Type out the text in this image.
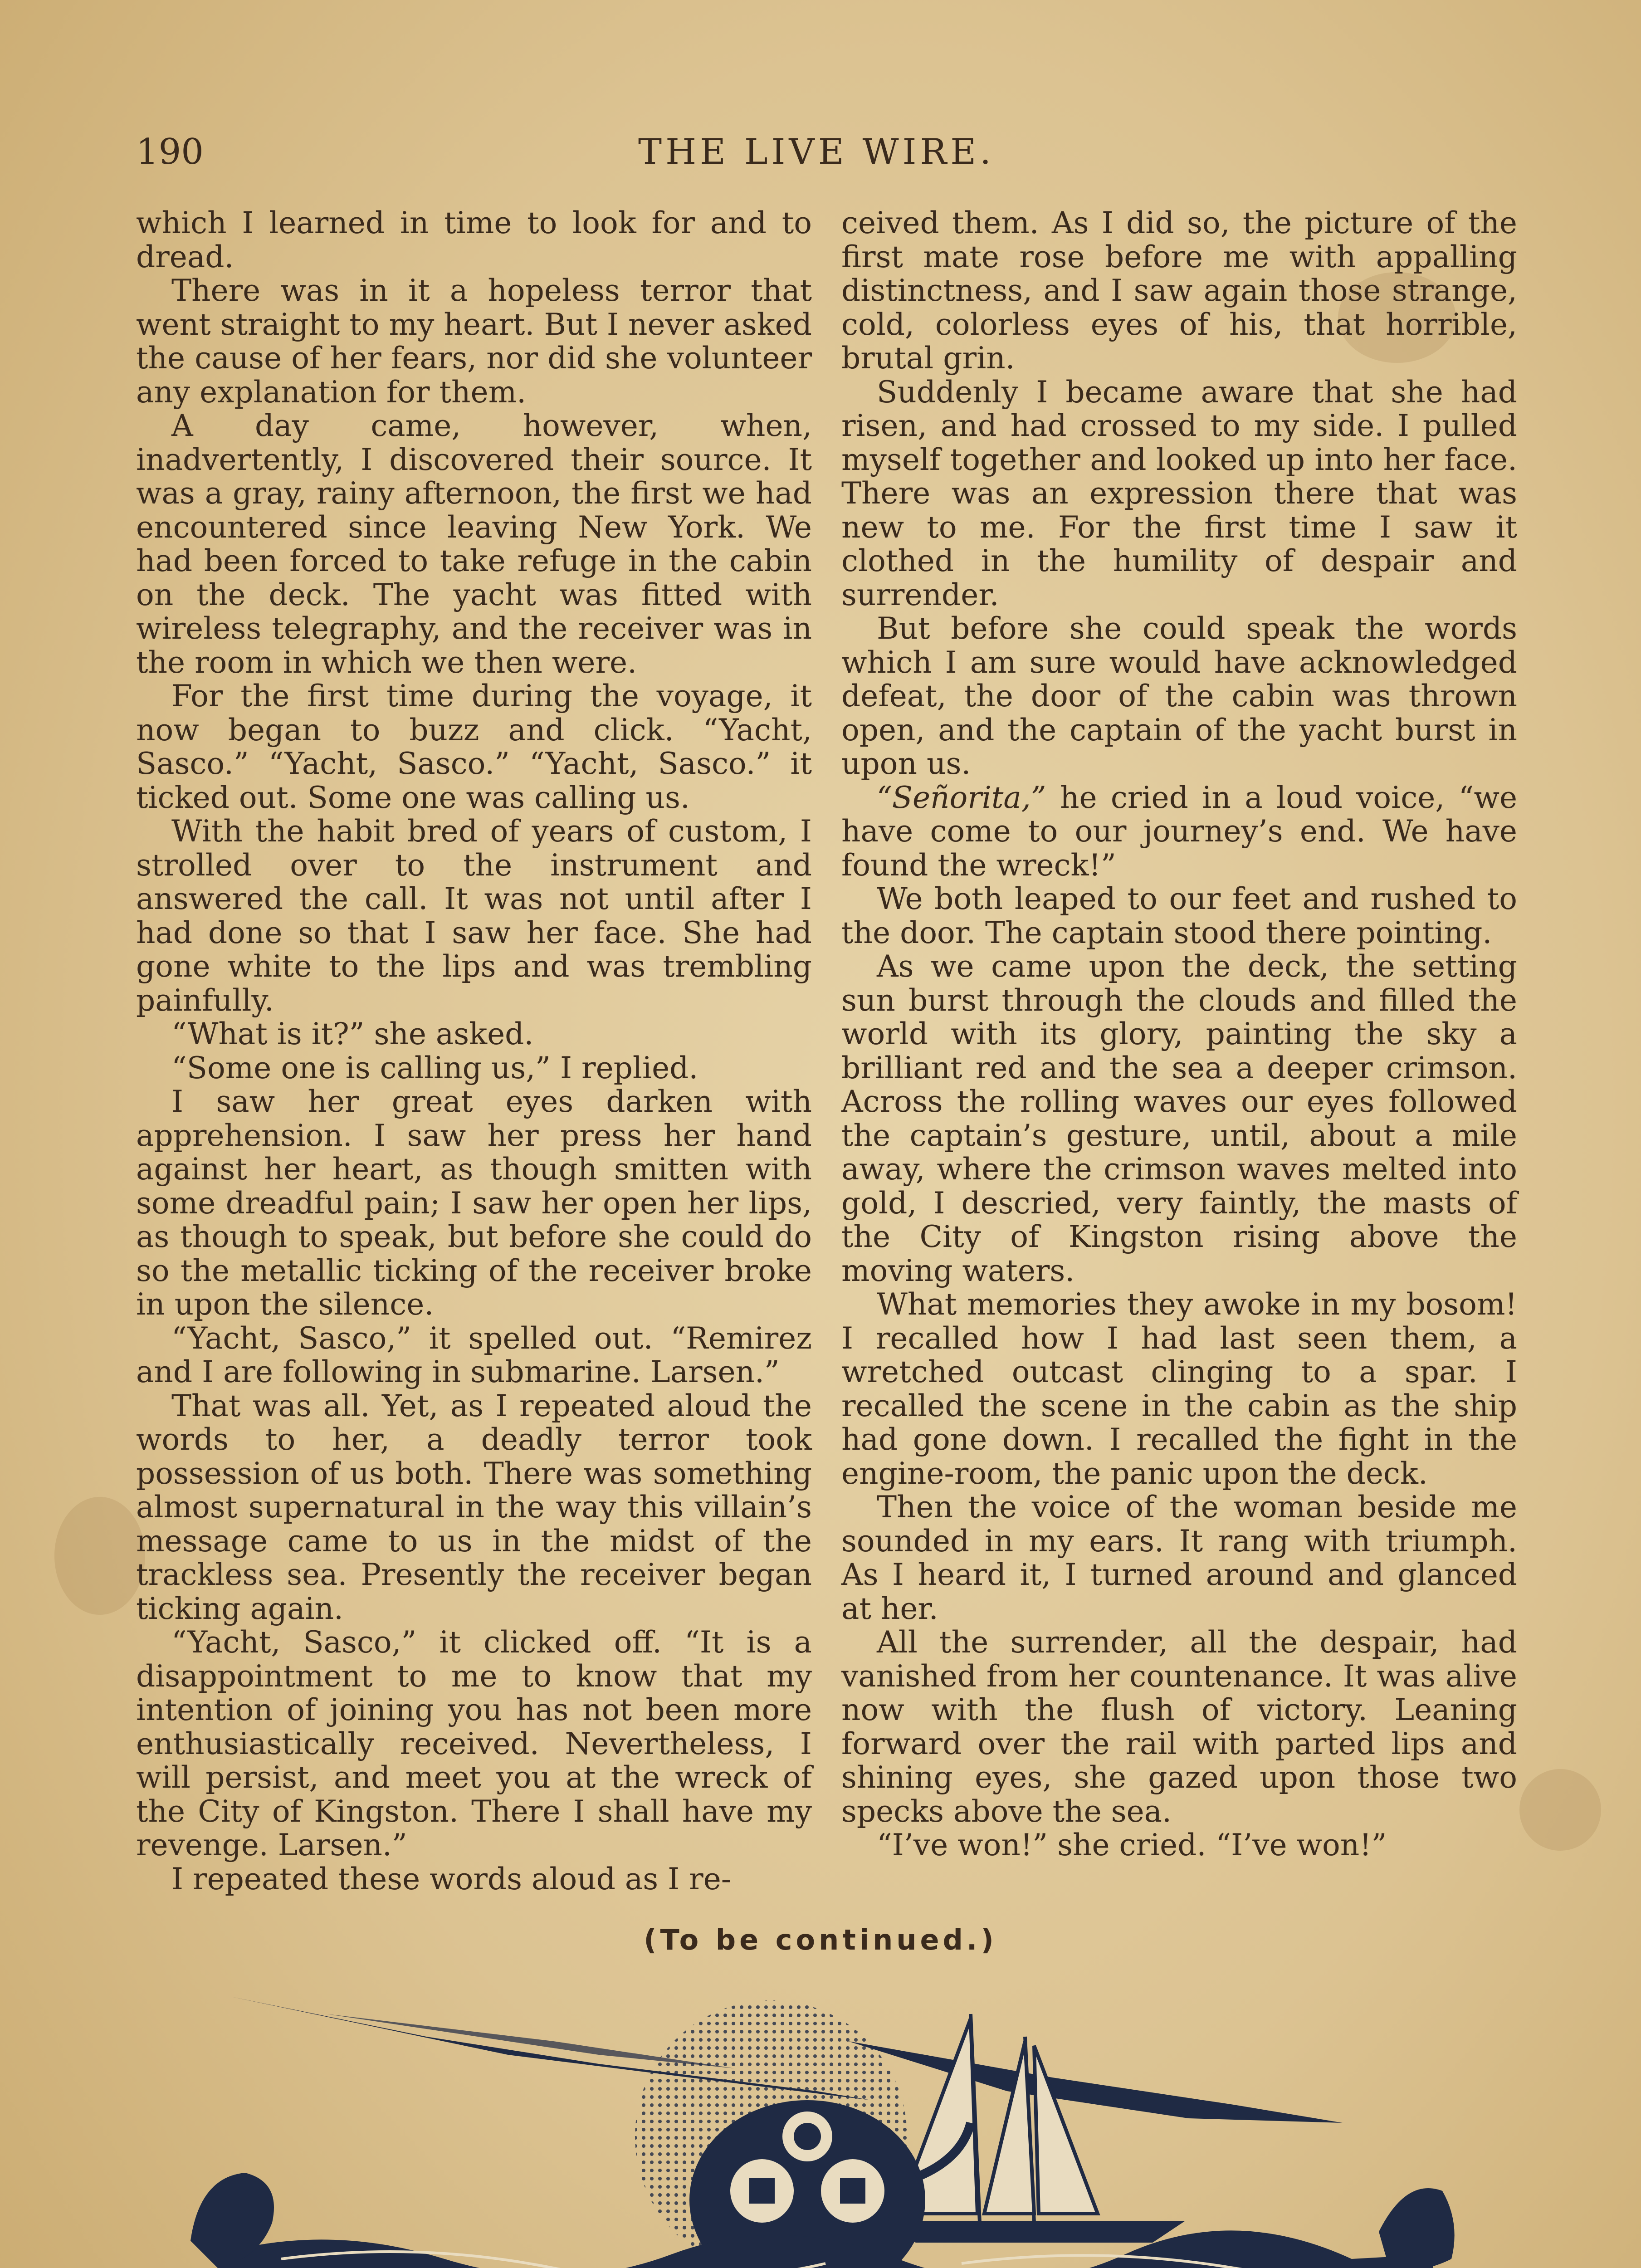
190	THE LIVE WIRE.

which I learned in time to look for and to dread.

There was in it a hopeless terror that went straight to my heart. But I never asked the cause of her fears, nor did she volunteer any explanation for them.

A day came, however, when, inadvertently, I discovered their source. It was a gray, rainy afternoon, the first we had encountered since leaving New York. We had been forced to take refuge in the cabin on the deck. The yacht was fitted with wireless telegraphy, and the receiver was in the room in which we then were.

For the first time during the voyage, it now began to buzz and click. “Yacht, Sasco.” “Yacht, Sasco.” “Yacht, Sasco.” it ticked out. Some one was calling us.

With the habit bred of years of custom, I strolled over to the instrument and answered the call. It was not until after I had done so that I saw her face. She had gone white to the lips and was trembling painfully.

“What is it?” she asked.

“Some one is calling us,” I replied.

I saw her great eyes darken with apprehension. I saw her press her hand against her heart, as though smitten with some dreadful pain; I saw her open her lips, as though to speak, but before she could do so the metallic ticking of the receiver broke in upon the silence.

“Yacht, Sasco,” it spelled out. “Remirez and I are following in submarine. Larsen.”

That was all. Yet, as I repeated aloud the words to her, a deadly terror took possession of us both. There was something almost supernatural in the way this villain’s message came to us in the midst of the trackless sea. Presently the receiver began ticking again.

“Yacht, Sasco,” it clicked off. “It is a disappointment to me to know that my intention of joining you has not been more enthusiastically received. Nevertheless, I will persist, and meet you at the wreck of the City of Kingston. There I shall have my revenge. Larsen.”

I repeated these words aloud as I re-

ceived them. As I did so, the picture of the first mate rose before me with appalling distinctness, and I saw again those strange, cold, colorless eyes of his, that horrible, brutal grin.

Suddenly I became aware that she had risen, and had crossed to my side. I pulled myself together and looked up into her face. There was an expression there that was new to me. For the first time I saw it clothed in the humility of despair and surrender.

But before she could speak the words which I am sure would have acknowledged defeat, the door of the cabin was thrown open, and the captain of the yacht burst in upon us.

“Señorita,” he cried in a loud voice, “we have come to our journey’s end. We have found the wreck!”

We both leaped to our feet and rushed to the door. The captain stood there pointing.

As we came upon the deck, the setting sun burst through the clouds and filled the world with its glory, painting the sky a brilliant red and the sea a deeper crimson. Across the rolling waves our eyes followed the captain’s gesture, until, about a mile away, where the crimson waves melted into gold, I descried, very faintly, the masts of the City of Kingston rising above the moving waters.

What memories they awoke in my bosom! I recalled how I had last seen them, a wretched outcast clinging to a spar. I recalled the scene in the cabin as the ship had gone down. I recalled the fight in the engine-room, the panic upon the deck.

Then the voice of the woman beside me sounded in my ears. It rang with triumph. As I heard it, I turned around and glanced at her.

All the surrender, all the despair, had vanished from her countenance. It was alive now with the flush of victory. Leaning forward over the rail with parted lips and shining eyes, she gazed upon those two specks above the sea.

“I’ve won!” she cried. “I’ve won!”

(To be continued.)
